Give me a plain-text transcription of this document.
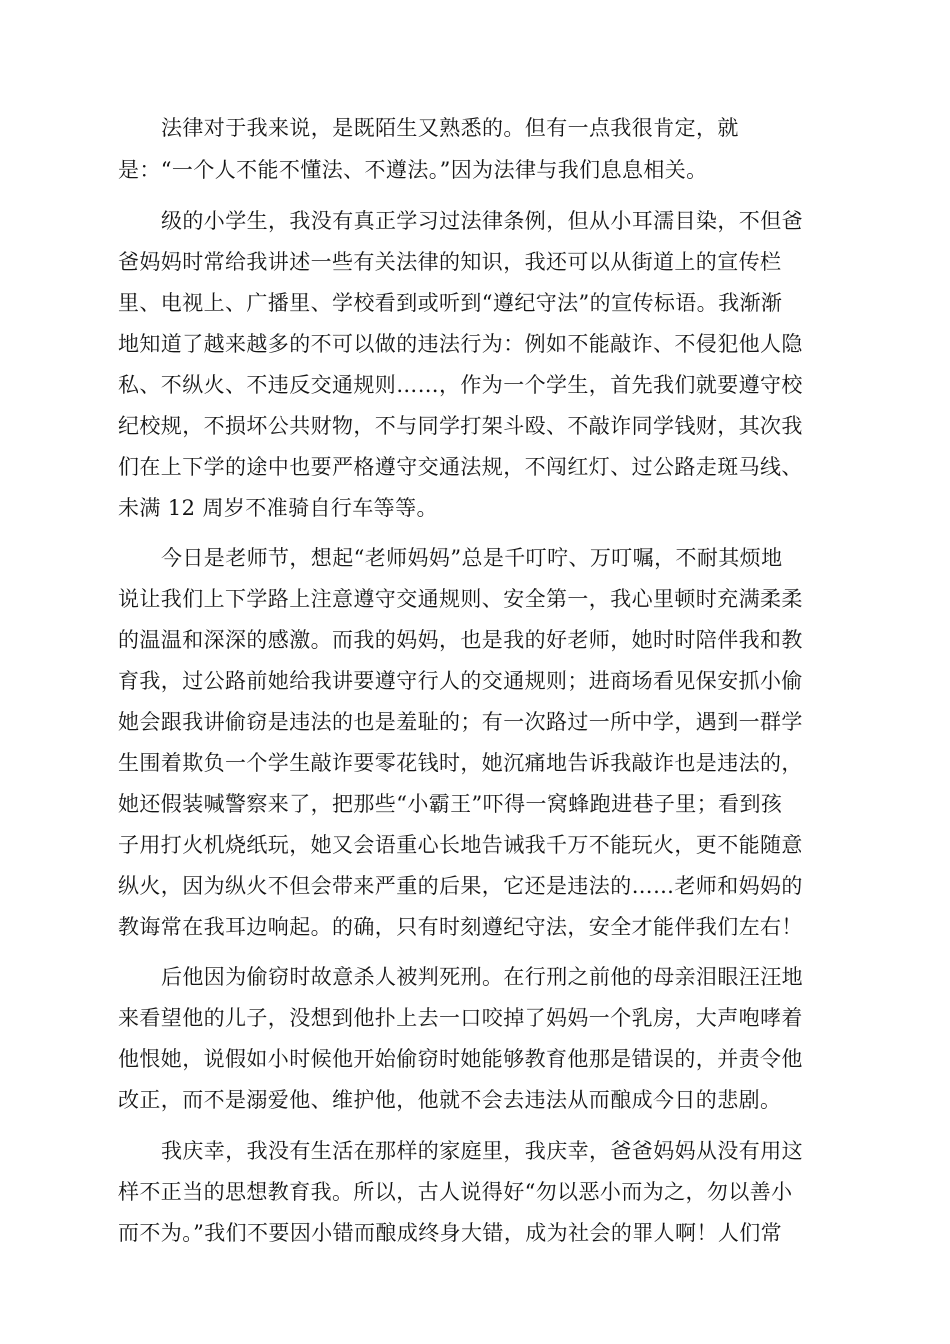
法律对于我来说，是既陌生又熟悉的。但有一点我很肯定，就
是：“一个人不能不懂法、不遵法。”因为法律与我们息息相关。
级的小学生，我没有真正学习过法律条例，但从小耳濡目染，不但爸
爸妈妈时常给我讲述一些有关法律的知识，我还可以从街道上的宣传栏
里、电视上、广播里、学校看到或听到“遵纪守法”的宣传标语。我渐渐
地知道了越来越多的不可以做的违法行为：例如不能敲诈、不侵犯他人隐
私、不纵火、不违反交通规则……，作为一个学生，首先我们就要遵守校
纪校规，不损坏公共财物，不与同学打架斗殴、不敲诈同学钱财，其次我
们在上下学的途中也要严格遵守交通法规，不闯红灯、过公路走斑马线、
未满 12 周岁不准骑自行车等等。
今日是老师节，想起“老师妈妈”总是千叮咛、万叮嘱，不耐其烦地
说让我们上下学路上注意遵守交通规则、安全第一，我心里顿时充满柔柔
的温温和深深的感激。而我的妈妈，也是我的好老师，她时时陪伴我和教
育我，过公路前她给我讲要遵守行人的交通规则；进商场看见保安抓小偷
她会跟我讲偷窃是违法的也是羞耻的；有一次路过一所中学，遇到一群学
生围着欺负一个学生敲诈要零花钱时，她沉痛地告诉我敲诈也是违法的，
她还假装喊警察来了，把那些“小霸王”吓得一窝蜂跑进巷子里；看到孩
子用打火机烧纸玩，她又会语重心长地告诫我千万不能玩火，更不能随意
纵火，因为纵火不但会带来严重的后果，它还是违法的……老师和妈妈的
教诲常在我耳边响起。的确，只有时刻遵纪守法，安全才能伴我们左右！
后他因为偷窃时故意杀人被判死刑。在行刑之前他的母亲泪眼汪汪地
来看望他的儿子，没想到他扑上去一口咬掉了妈妈一个乳房，大声咆哮着
他恨她，说假如小时候他开始偷窃时她能够教育他那是错误的，并责令他
改正，而不是溺爱他、维护他，他就不会去违法从而酿成今日的悲剧。
我庆幸，我没有生活在那样的家庭里，我庆幸，爸爸妈妈从没有用这
样不正当的思想教育我。所以，古人说得好“勿以恶小而为之，勿以善小
而不为。”我们不要因小错而酿成终身大错，成为社会的罪人啊！人们常
